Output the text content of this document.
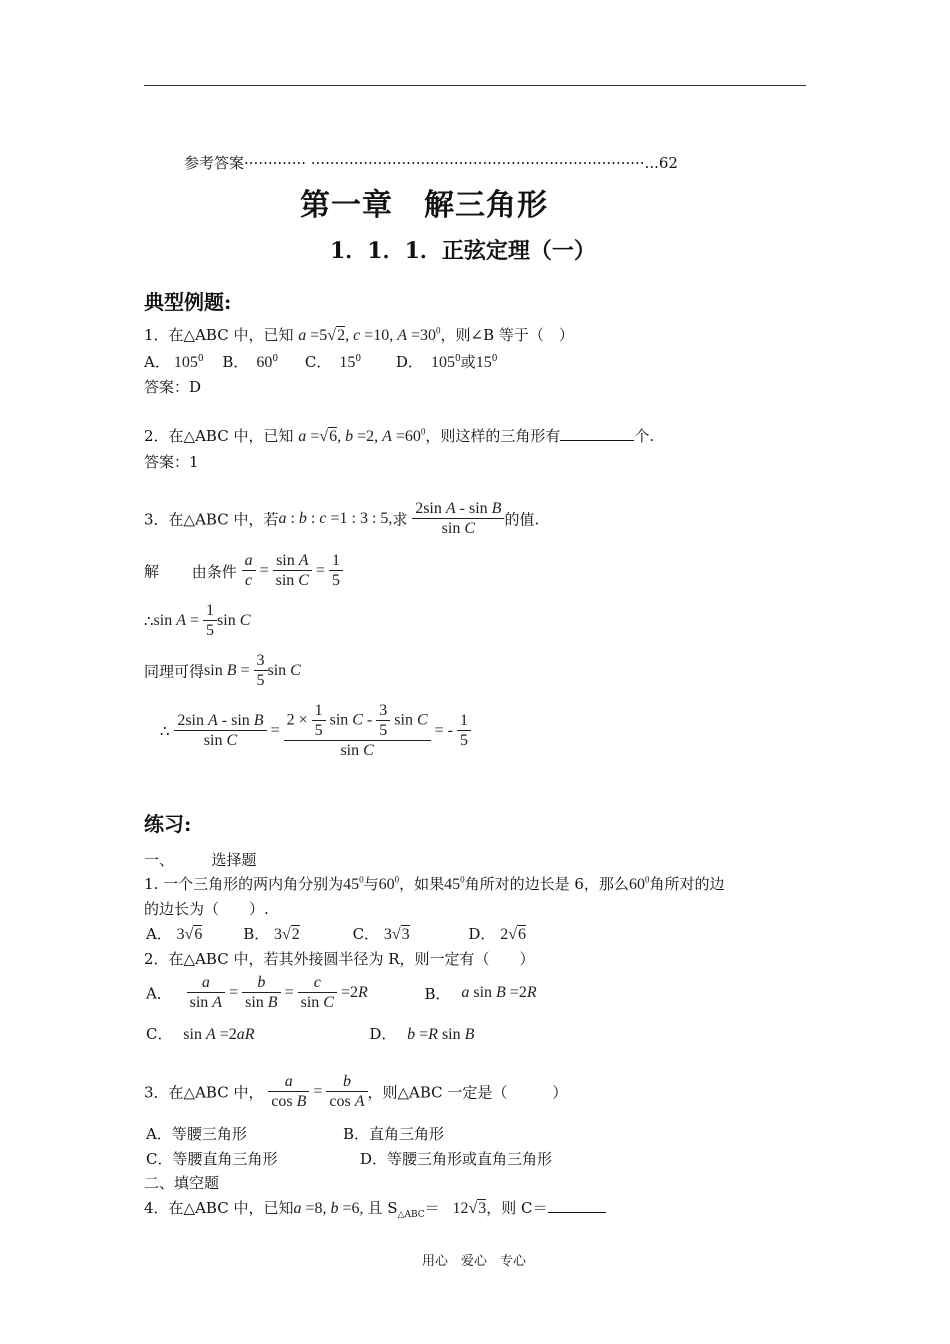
参考答案············· ······································································...62
第一章　解三角形
1．1．1．正弦定理（一）
典型例题:
1．在△ABC 中，已知 a =5√2, c =10, $A =30^0$，则∠B 等于（　）
A． $105^0$ B． $60^0$ C． $15^0$ D． $105^0$或$15^0$
答案：D
2．在△ABC 中，已知 a =√6, b =2, $A =60^0$，则这样的三角形有	个.
答案：1
3．在△ABC 中，若a : b : c =1 : 3 : 5,求 $\frac{\text{2sin A - sin B}}{\text{sin C}}$ 的值.
解 由条件 $\frac{a}{c} = \frac{\text{sin A}}{\text{sin C}} = \frac{1}{5}$
∴sin $A = \frac{1}{5}$ sin C
同理可得$\sin B = \frac{3}{5}$ sin C
∴ $\frac{\text{2sin A - sin B}}{\text{sin C}} = \frac{2 \times \frac{1}{5} \sin C - \frac{3}{5} \sin C}{\text{sin C}}$ = - $\frac{1}{5}$
练习:
一、　　　选择题
1. 一个三角形的两内角分别为$45^0$与$60^0$，如果$45^0$角所对的边长是 6，那么$60^0$角所对的边
的边长为（　　）.
A． 3√6	B． 3√2	C． 3√3	D． 2√6
2．在△ABC 中，若其外接圆半径为 R，则一定有（　　）
A． $\frac{a}{\text{sin A}} = \frac{b}{\text{sin B}} = \frac{c}{\text{sin C}} =2R$	B． a sin B =2R
C． sin A =2aR	D． b =R sin B
3．在△ABC 中， $\frac{a}{\text{cos B}} = \frac{b}{\text{cos A}}$ ，则△ABC 一定是（　　　）
A．等腰三角形	B．直角三角形
C．等腰直角三角形	D．等腰三角形或直角三角形
二、填空题
4．在△ABC 中，已知a =8, b =6, 且 $S_{\triangle ABC}= 12√3$，则 C＝
用心　爱心　专心
